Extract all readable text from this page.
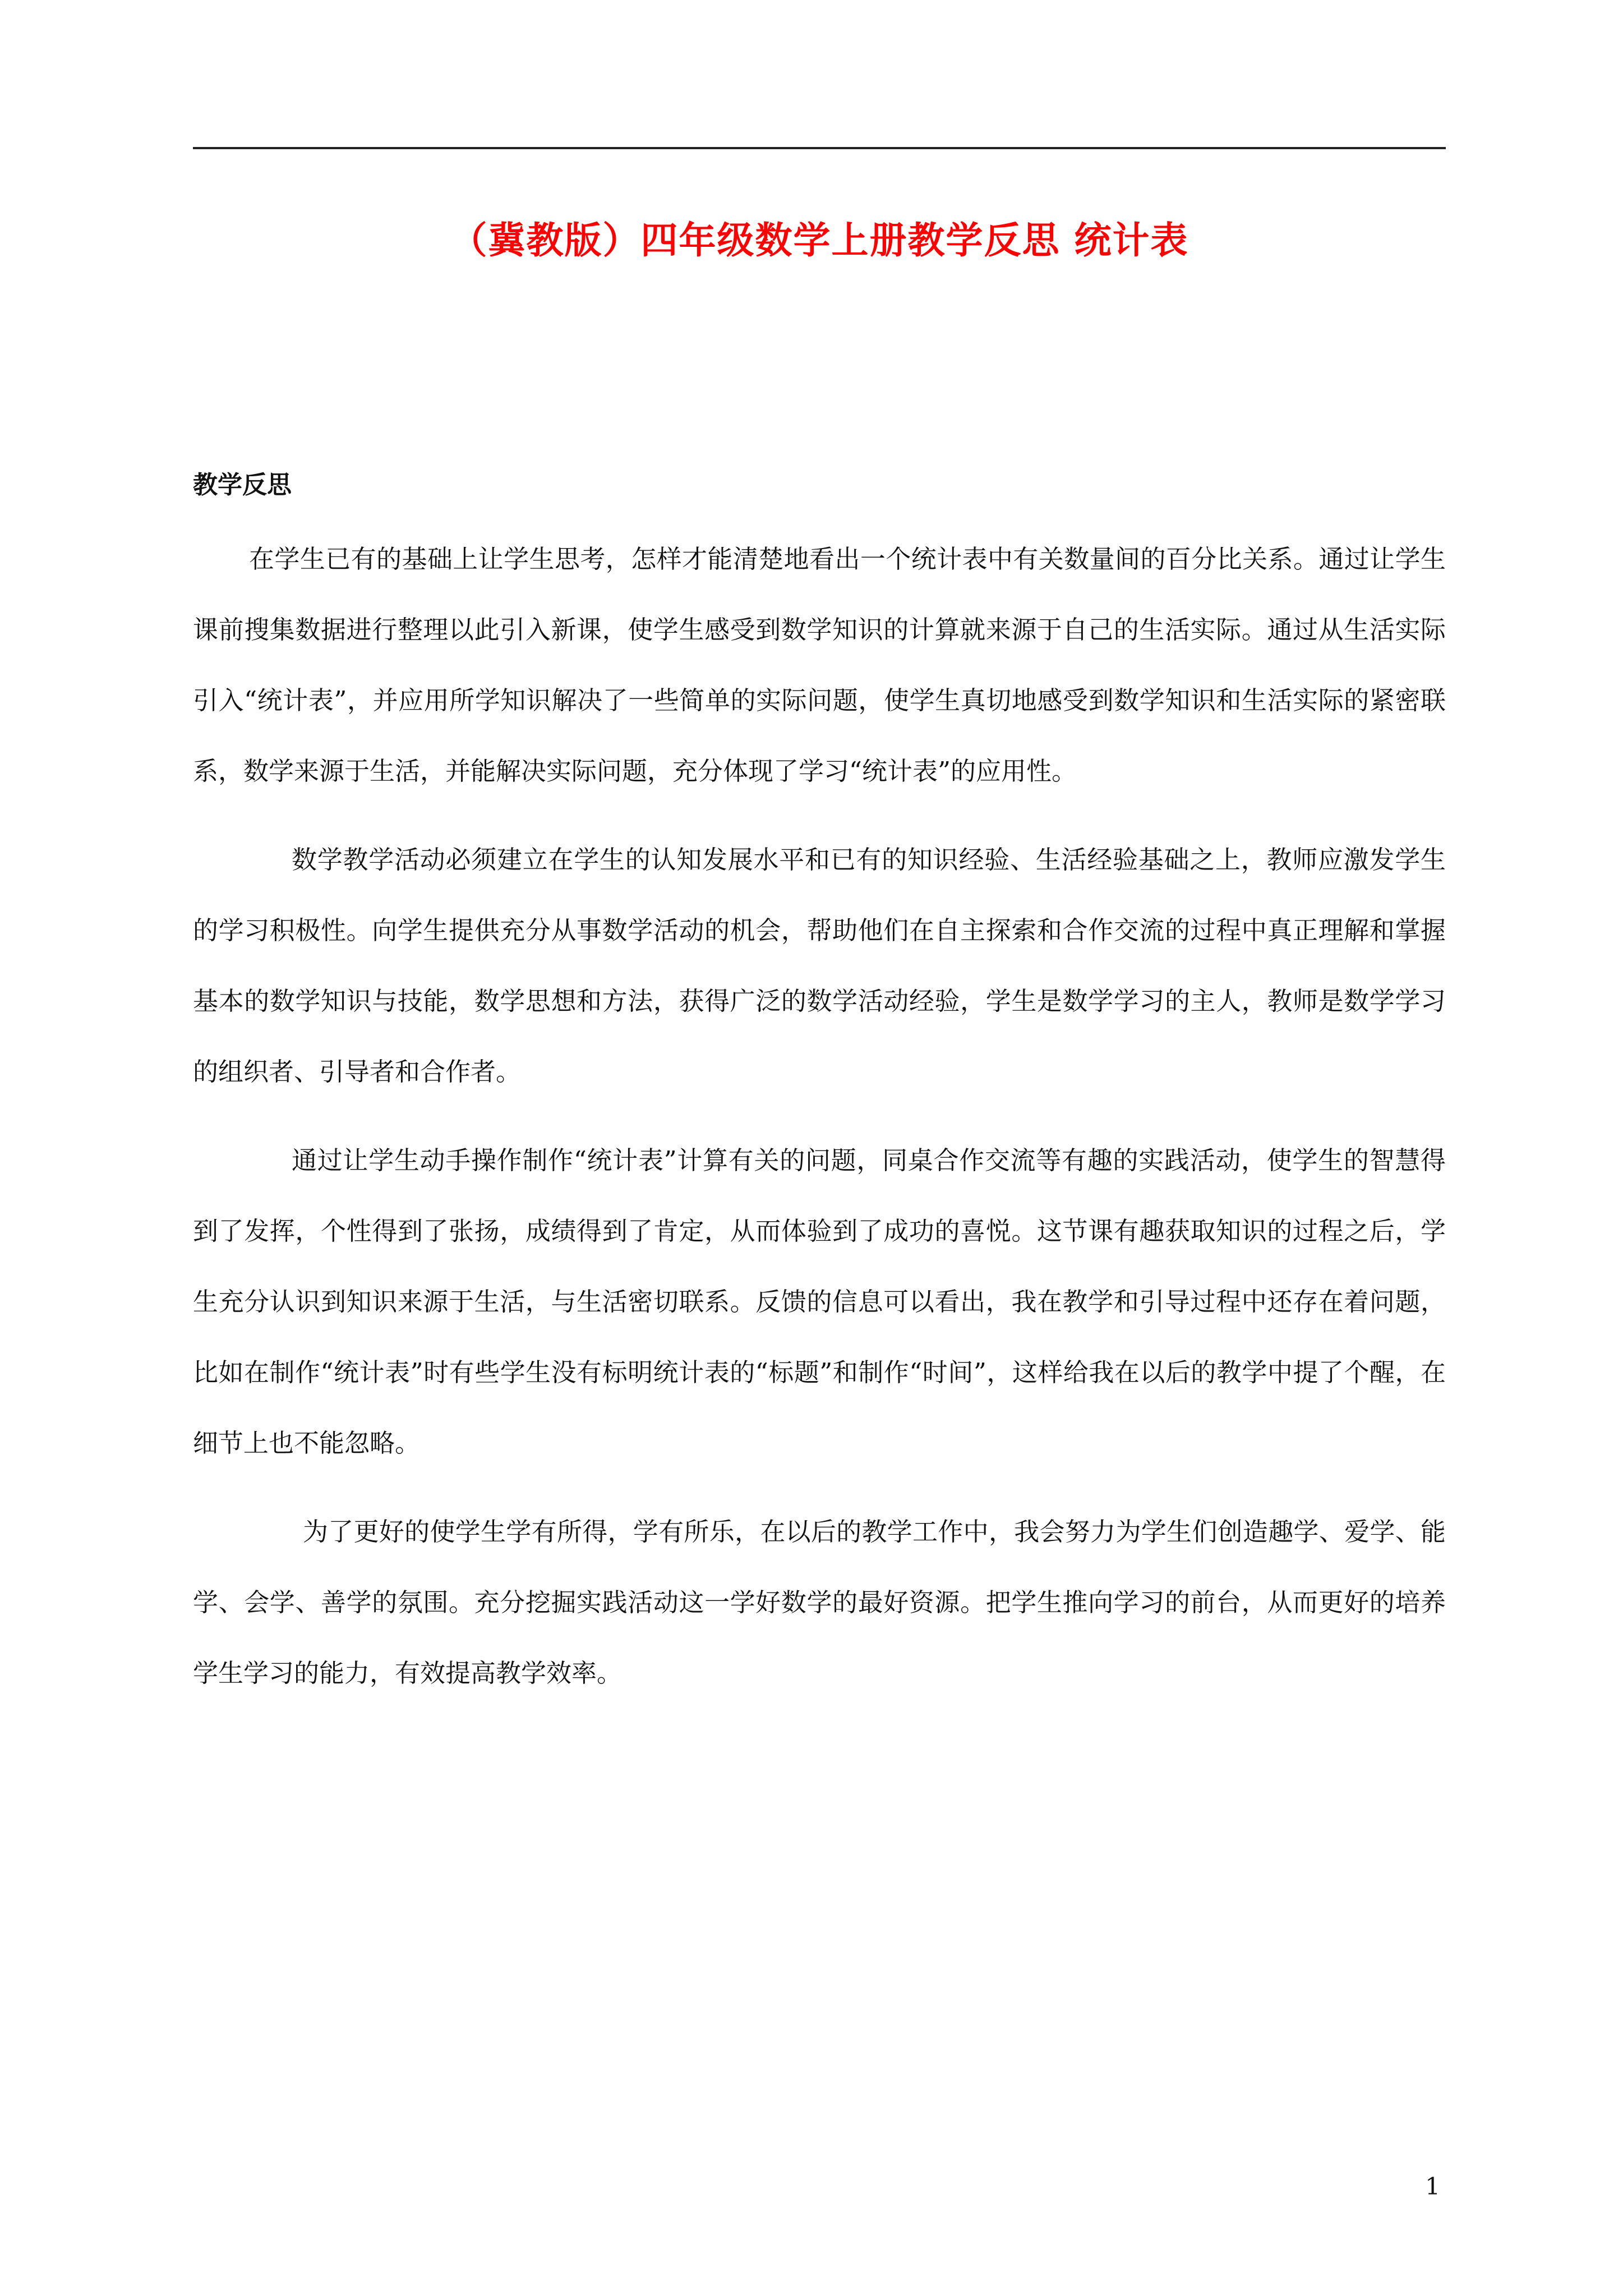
（冀教版）四年级数学上册教学反思 统计表
教学反思

在学生已有的基础上让学生思考，怎样才能清楚地看出一个统计表中有关数量间的百分比关系。通过让学生课前搜集数据进行整理以此引入新课，使学生感受到数学知识的计算就来源于自己的生活实际。通过从生活实际引入“统计表”，并应用所学知识解决了一些简单的实际问题，使学生真切地感受到数学知识和生活实际的紧密联系，数学来源于生活，并能解决实际问题，充分体现了学习“统计表”的应用性。

数学教学活动必须建立在学生的认知发展水平和已有的知识经验、生活经验基础之上，教师应激发学生的学习积极性。向学生提供充分从事数学活动的机会，帮助他们在自主探索和合作交流的过程中真正理解和掌握基本的数学知识与技能，数学思想和方法，获得广泛的数学活动经验，学生是数学学习的主人，教师是数学学习的组织者、引导者和合作者。

通过让学生动手操作制作“统计表”计算有关的问题，同桌合作交流等有趣的实践活动，使学生的智慧得到了发挥，个性得到了张扬，成绩得到了肯定，从而体验到了成功的喜悦。这节课有趣获取知识的过程之后，学生充分认识到知识来源于生活，与生活密切联系。反馈的信息可以看出，我在教学和引导过程中还存在着问题，比如在制作“统计表”时有些学生没有标明统计表的“标题”和制作“时间”，这样给我在以后的教学中提了个醒，在细节上也不能忽略。

为了更好的使学生学有所得，学有所乐，在以后的教学工作中，我会努力为学生们创造趣学、爱学、能学、会学、善学的氛围。充分挖掘实践活动这一学好数学的最好资源。把学生推向学习的前台，从而更好的培养学生学习的能力，有效提高教学效率。

1
